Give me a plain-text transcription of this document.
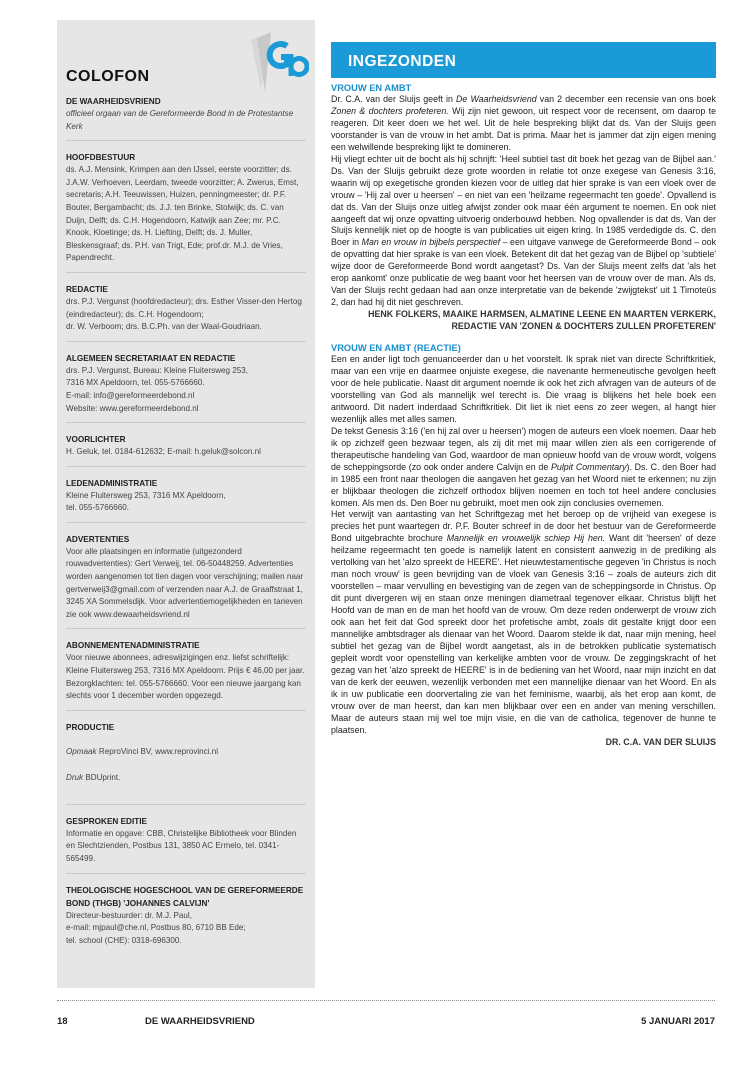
COLOFON
DE WAARHEIDSVRIEND
officieel orgaan van de Gereformeerde Bond in de Protestantse Kerk
HOOFDBESTUUR
ds. A.J. Mensink, Krimpen aan den IJssel, eerste voorzitter; ds. J.A.W. Verhoeven, Leerdam, tweede voorzitter; A. Zwerus, Emst, secretaris; A.H. Teeuwissen, Huizen, penningmeester; dr. P.F. Bouter, Bergambacht; ds. J.J. ten Brinke, Stolwijk; ds. C. van Duijn, Delft; ds. C.H. Hogendoorn, Katwijk aan Zee; mr. P.C. Knook, Kloetinge; ds. H. Liefting, Delft; ds. J. Muller, Bleskensgraaf; ds. P.H. van Trigt, Ede; prof.dr. M.J. de Vries, Papendrecht.
REDACTIE
drs. P.J. Vergunst (hoofdredacteur); drs. Esther Visser-den Hertog (eindredacteur); ds. C.H. Hogendoorn;
dr. W. Verboom; drs. B.C.Ph. van der Waal-Goudriaan.
ALGEMEEN SECRETARIAAT EN REDACTIE
drs. P.J. Vergunst, Bureau: Kleine Fluitersweg 253,
7316 MX Apeldoorn, tel. 055-5766660.
E-mail: info@gereformeerdebond.nl
Website: www.gereformeerdebond.nl
VOORLICHTER
H. Geluk, tel. 0184-612632; E-mail: h.geluk@solcon.nl
LEDENADMINISTRATIE
Kleine Fluitersweg 253, 7316 MX Apeldoorn,
tel. 055-5766660.
ADVERTENTIES
Voor alle plaatsingen en informatie (uitgezonderd rouwadvertenties): Gert Verweij, tel. 06-50448259. Advertenties worden aangenomen tot tien dagen voor verschijning; mailen naar gertverweij3@gmail.com of verzenden naar A.J. de Graaffstraat 1, 3245 XA Sommelsdijk. Voor advertentiemogelijkheden en tarieven zie ook www.dewaarheidsvriend.nl
ABONNEMENTENADMINISTRATIE
Voor nieuwe abonnees, adreswijzigingen enz. liefst schriftelijk: Kleine Fluitersweg 253, 7316 MX Apeldoorn. Prijs € 46,00 per jaar. Bezorgklachten: tel. 055-5766660. Voor een nieuwe jaargang kan slechts voor 1 december worden opgezegd.
PRODUCTIE

Opmaak ReproVinci BV, www.reprovinci.nl

Druk BDUprint.

GESPROKEN EDITIE
Informatie en opgave: CBB, Christelijke Bibliotheek voor Blinden en Slechtzienden, Postbus 131, 3850 AC Ermelo, tel. 0341-565499.
THEOLOGISCHE HOGESCHOOL VAN DE GEREFORMEERDE BOND (THGB) 'JOHANNES CALVIJN'
Directeur-bestuurder: dr. M.J. Paul,
e-mail: mjpaul@che.nl, Postbus 80, 6710 BB Ede;
tel. school (CHE): 0318-696300.
INGEZONDEN
VROUW EN AMBT

Dr. C.A. van der Sluijs geeft in De Waarheidsvriend van 2 december een recensie van ons boek Zonen & dochters profeteren. Wij zijn niet gewoon, uit respect voor de recensent, om daarop te reageren. Dit keer doen we het wel. Uit de hele bespreking blijkt dat ds. Van der Sluijs geen voorstander is van de vrouw in het ambt. Dat is prima. Maar het is jammer dat zijn eigen mening een welwillende bespreking lijkt te domineren.

Hij vliegt echter uit de bocht als hij schrijft: 'Heel subtiel tast dit boek het gezag van de Bijbel aan.' Ds. Van der Sluijs gebruikt deze grote woorden in relatie tot onze exegese van Genesis 3:16, waarin wij op exegetische gronden kiezen voor de uitleg dat hier sprake is van een vloek over de vrouw – 'Hij zal over u heersen' – en niet van een 'heilzame regeermacht ten goede'. Opvallend is dat ds. Van der Sluijs onze uitleg afwijst zonder ook maar één argument te noemen. En ook niet aangeeft dat wij onze opvatting uitvoerig onderbouwd hebben. Nog opvallender is dat ds. Van der Sluijs kennelijk niet op de hoogte is van publicaties uit eigen kring. In 1985 verdedigde ds. C. den Boer in Man en vrouw in bijbels perspectief – een uitgave vanwege de Gereformeerde Bond – ook de opvatting dat hier sprake is van een vloek. Betekent dit dat het gezag van de Bijbel op 'subtiele' wijze door de Gereformeerde Bond wordt aangetast? Ds. Van der Sluijs meent zelfs dat 'als het erop aankomt' onze publicatie de weg baant voor het heersen van de vrouw over de man. Als ds. Van der Sluijs recht gedaan had aan onze interpretatie van de bekende 'zwijgtekst' uit 1 Timoteüs 2, dan had hij dit niet geschreven.

HENK FOLKERS, MAAIKE HARMSEN, ALMATINE LEENE EN MAARTEN VERKERK,

REDACTIE VAN 'ZONEN & DOCHTERS ZULLEN PROFETEREN'

VROUW EN AMBT (REACTIE)

Een en ander ligt toch genuanceerder dan u het voorstelt. Ik sprak niet van directe Schriftkritiek, maar van een vrije en daarmee onjuiste exegese, die navenante hermeneutische gevolgen heeft voor de hele publicatie. Naast dit argument noemde ik ook het zich afvragen van de auteurs of de voorstelling van God als mannelijk wel terecht is. Die vraag is blijkens het hele boek een antwoord. Dit nadert inderdaad Schriftkritiek. Dit liet ik niet eens zo zeer wegen, al hangt hier wezenlijk alles met alles samen.

De tekst Genesis 3:16 ('en hij zal over u heersen') mogen de auteurs een vloek noemen. Daar heb ik op zichzelf geen bezwaar tegen, als zij dit met mij maar willen zien als een corrigerende of therapeutische handeling van God, waardoor de man opnieuw hoofd van de vrouw wordt, volgens de scheppingsorde (zo ook onder andere Calvijn en de Pulpit Commentary). Ds. C. den Boer had in 1985 een front naar theologen die aangaven het gezag van het Woord niet te erkennen; nu zijn er blijkbaar theologen die zichzelf orthodox blijven noemen en toch tot heel andere conclusies komen. Als men ds. Den Boer nu gebruikt, moet men ook zijn conclusies overnemen.

Het verwijt van aantasting van het Schriftgezag met het beroep op de vrijheid van exegese is precies het punt waartegen dr. P.F. Bouter schreef in de door het bestuur van de Gereformeerde Bond uitgebrachte brochure Mannelijk en vrouwelijk schiep Hij hen. Want dit 'heersen' of deze heilzame regeermacht ten goede is namelijk latent en consistent aanwezig in de prediking als vertolking van het 'alzo spreekt de HEERE'. Het nieuwtestamentische gegeven 'in Christus is noch man noch vrouw' is geen bevrijding van de vloek van Genesis 3:16 – zoals de auteurs zich dit voorstellen – maar vervulling en bevestiging van de zegen van de scheppingsorde in Christus. Op dit punt divergeren wij en staan onze meningen diametraal tegenover elkaar. Christus blijft het Hoofd van de man en de man het hoofd van de vrouw. Om deze reden onderwerpt de vrouw zich ook aan het feit dat God spreekt door het profetische ambt, zoals dit gestalte krijgt door een mannelijke ambtsdrager als dienaar van het Woord. Daarom stelde ik dat, naar mijn mening, heel subtiel het gezag van de Bijbel wordt aangetast, als in de betrokken publicatie systematisch gepleit wordt voor openstelling van kerkelijke ambten voor de vrouw. De zeggingskracht of het gezag van het 'alzo spreekt de HEERE' is in de bediening van het Woord, naar mijn inzicht en dat van de kerk der eeuwen, wezenlijk verbonden met een mannelijke dienaar van het Woord. En als ik in uw publicatie een doorvertaling zie van het feminisme, waarbij, als het erop aan komt, de vrouw over de man heerst, dan kan men blijkbaar over een en ander van mening verschillen. Maar de auteurs staan mij wel toe mijn visie, en die van de catholica, tegenover de hunne te plaatsen.

DR. C.A. VAN DER SLUIJS

18	DE WAARHEIDSVRIEND	5 JANUARI 2017
